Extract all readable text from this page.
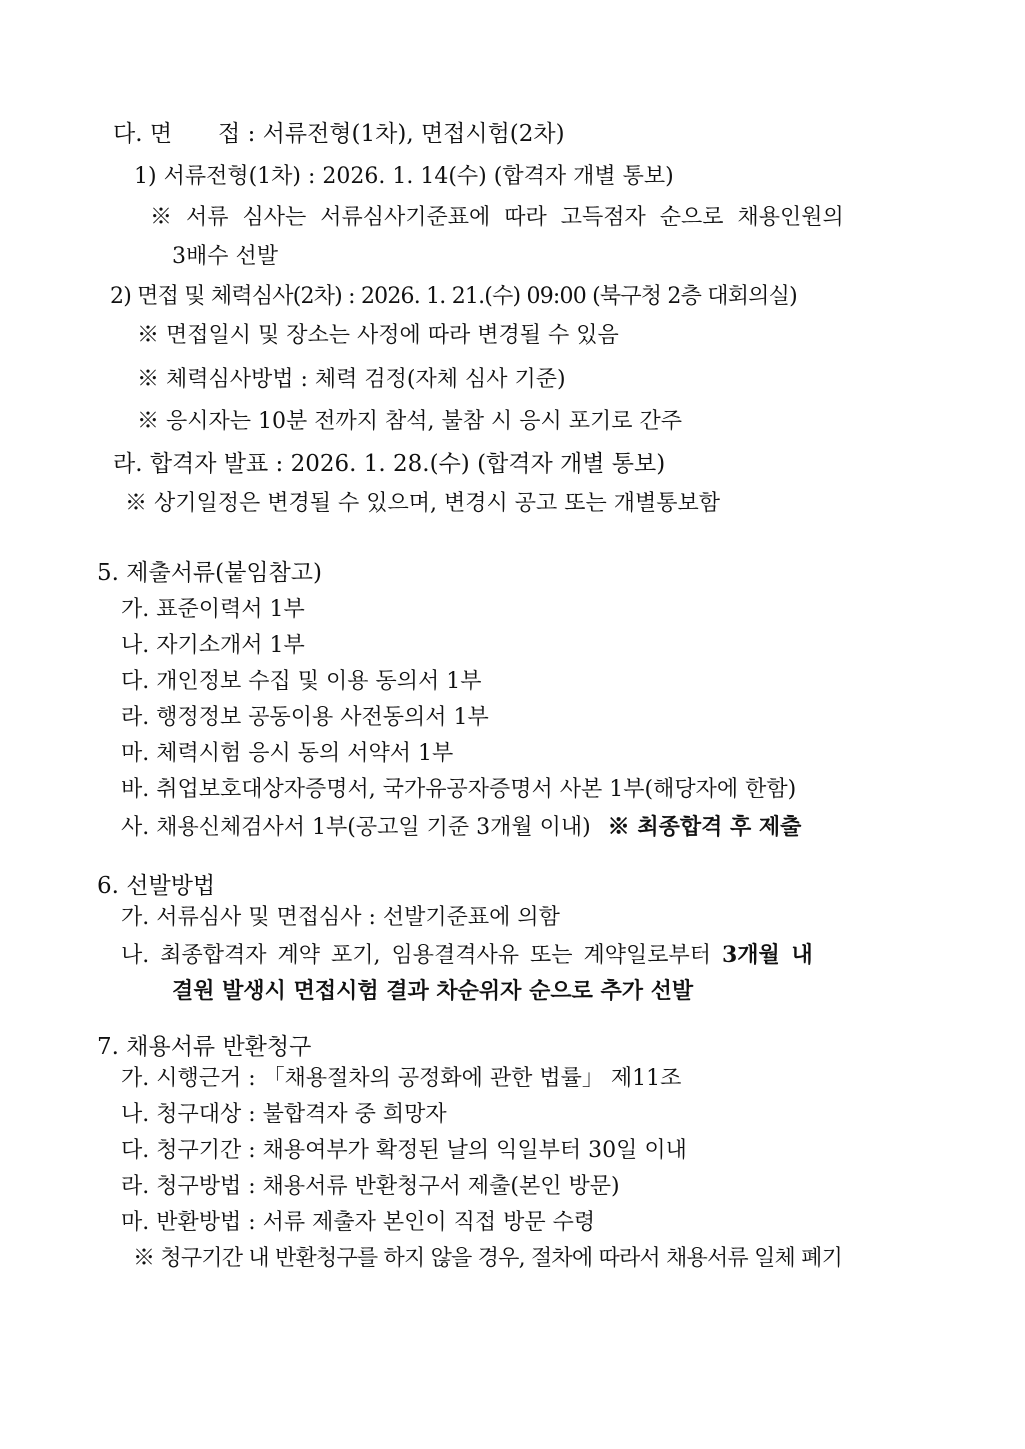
다. 면　　접 : 서류전형(1차), 면접시험(2차)
1) 서류전형(1차) : 2026. 1. 14(수) (합격자 개별 통보)
※ 서류 심사는 서류심사기준표에 따라 고득점자 순으로 채용인원의
3배수 선발
2) 면접 및 체력심사(2차) : 2026. 1. 21.(수) 09:00 (북구청 2층 대회의실)
※ 면접일시 및 장소는 사정에 따라 변경될 수 있음
※ 체력심사방법 : 체력 검정(자체 심사 기준)
※ 응시자는 10분 전까지 참석, 불참 시 응시 포기로 간주
라. 합격자 발표 : 2026. 1. 28.(수) (합격자 개별 통보)
※ 상기일정은 변경될 수 있으며, 변경시 공고 또는 개별통보함
5. 제출서류(붙임참고)
가. 표준이력서 1부
나. 자기소개서 1부
다. 개인정보 수집 및 이용 동의서 1부
라. 행정정보 공동이용 사전동의서 1부
마. 체력시험 응시 동의 서약서 1부
바. 취업보호대상자증명서, 국가유공자증명서 사본 1부(해당자에 한함)
사. 채용신체검사서 1부(공고일 기준 3개월 이내) ※ 최종합격 후 제출
6. 선발방법
가. 서류심사 및 면접심사 : 선발기준표에 의함
나. 최종합격자 계약 포기, 임용결격사유 또는 계약일로부터 3개월 내
결원 발생시 면접시험 결과 차순위자 순으로 추가 선발
7. 채용서류 반환청구
가. 시행근거 : 「채용절차의 공정화에 관한 법률」 제11조
나. 청구대상 : 불합격자 중 희망자
다. 청구기간 : 채용여부가 확정된 날의 익일부터 30일 이내
라. 청구방법 : 채용서류 반환청구서 제출(본인 방문)
마. 반환방법 : 서류 제출자 본인이 직접 방문 수령
※ 청구기간 내 반환청구를 하지 않을 경우, 절차에 따라서 채용서류 일체 폐기
